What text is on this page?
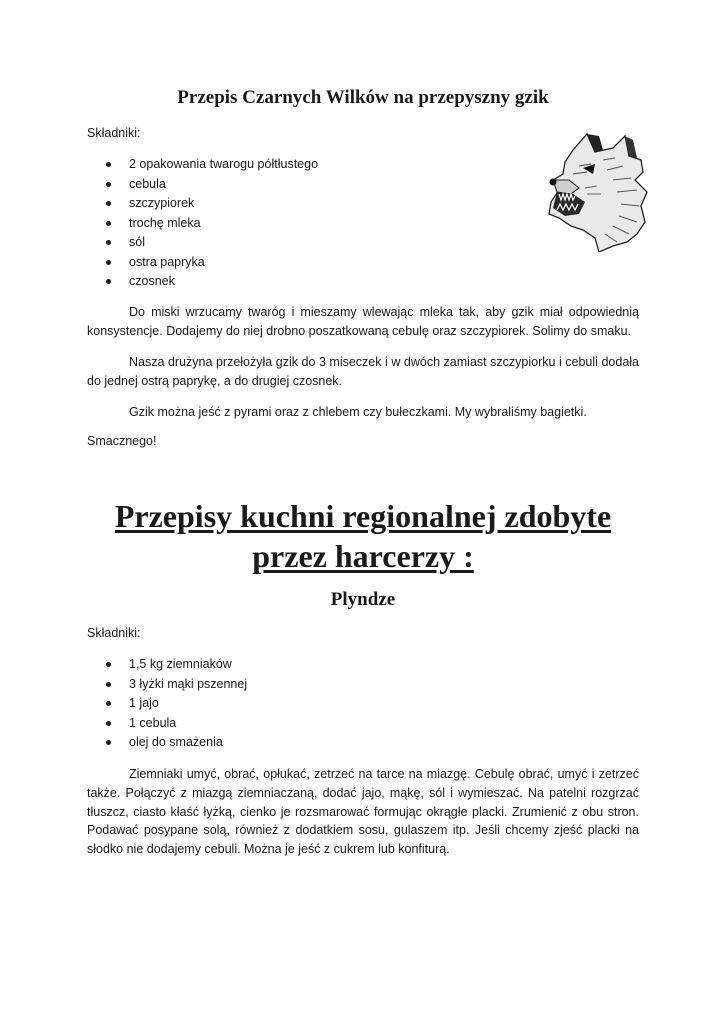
Przepis Czarnych Wilków na przepyszny gzik

Składniki:

2 opakowania twarogu półtłustego
cebula
szczypiorek
trochę mleka
sól
ostra papryka
czosnek

Do miski wrzucamy twaróg i mieszamy wlewając mleka tak, aby gzik miał odpowiednią konsystencje. Dodajemy do niej drobno poszatkowaną cebulę oraz szczypiorek. Solimy do smaku.

Nasza drużyna przełożyła gzik do 3 miseczek i w dwóch zamiast szczypiorku i cebuli dodała do jednej ostrą paprykę, a do drugiej czosnek.

Gzik można jeść z pyrami oraz z chlebem czy bułeczkami. My wybraliśmy bagietki.

Smacznego!

Przepisy kuchni regionalnej zdobyte
przez harcerzy :
Plyndze

Składniki:

1,5 kg ziemniaków
3 łyżki mąki pszennej
1 jajo
1 cebula
olej do smażenia

Ziemniaki umyć, obrać, opłukać, zetrzeć na tarce na miazgę. Cebulę obrać, umyć i zetrzeć także. Połączyć z miazgą ziemniaczaną, dodać jajo, mąkę, sól i wymieszać. Na patelni rozgrzać tłuszcz, ciasto kłaść łyżką, cienko je rozsmarować formując okrągłe placki. Zrumienić z obu stron. Podawać posypane solą, również z dodatkiem sosu, gulaszem itp. Jeśli chcemy zjeść placki na słodko nie dodajemy cebuli. Można je jeść z cukrem lub konfiturą.
